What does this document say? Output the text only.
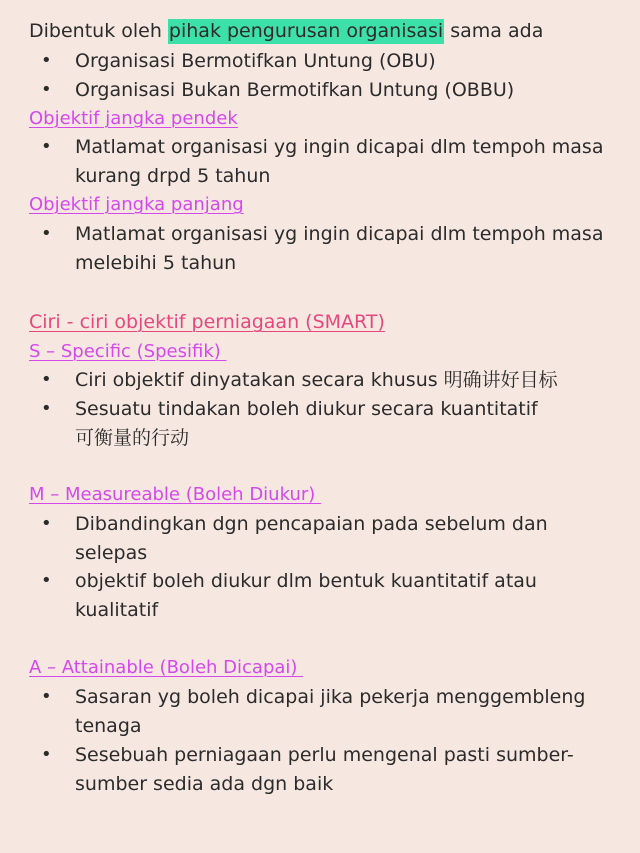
Dibentuk oleh pihak pengurusan organisasi sama ada
• Organisasi Bermotifkan Untung (OBU)
• Organisasi Bukan Bermotifkan Untung (OBBU)
Objektif jangka pendek
• Matlamat organisasi yg ingin dicapai dlm tempoh masa
kurang drpd 5 tahun
Objektif jangka panjang
• Matlamat organisasi yg ingin dicapai dlm tempoh masa
melebihi 5 tahun
Ciri - ciri objektif perniagaan (SMART)
S – Specific (Spesifik)
• Ciri objektif dinyatakan secara khusus 明确讲好目标
• Sesuatu tindakan boleh diukur secara kuantitatif
可衡量的行动
M – Measureable (Boleh Diukur)
• Dibandingkan dgn pencapaian pada sebelum dan
selepas
• objektif boleh diukur dlm bentuk kuantitatif atau
kualitatif
A – Attainable (Boleh Dicapai)
• Sasaran yg boleh dicapai jika pekerja menggembleng
tenaga
• Sesebuah perniagaan perlu mengenal pasti sumber-
sumber sedia ada dgn baik
